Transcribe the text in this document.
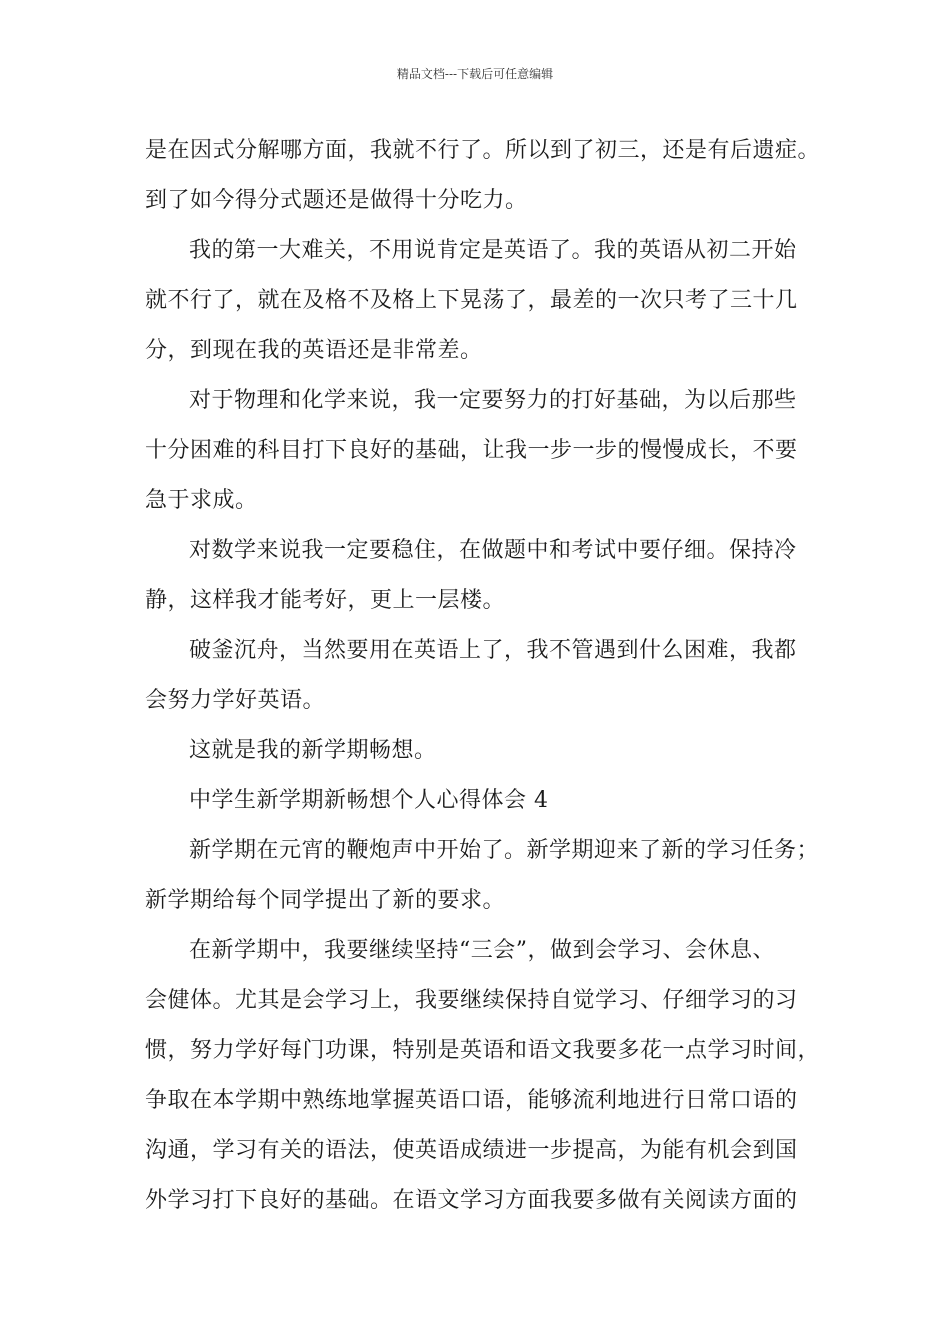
精品文档---下载后可任意编辑
是在因式分解哪方面，我就不行了。所以到了初三，还是有后遗症。
到了如今得分式题还是做得十分吃力。
我的第一大难关，不用说肯定是英语了。我的英语从初二开始
就不行了，就在及格不及格上下晃荡了，最差的一次只考了三十几
分，到现在我的英语还是非常差。
对于物理和化学来说，我一定要努力的打好基础，为以后那些
十分困难的科目打下良好的基础，让我一步一步的慢慢成长，不要
急于求成。
对数学来说我一定要稳住，在做题中和考试中要仔细。保持冷
静，这样我才能考好，更上一层楼。
破釜沉舟，当然要用在英语上了，我不管遇到什么困难，我都
会努力学好英语。
这就是我的新学期畅想。
中学生新学期新畅想个人心得体会 4
新学期在元宵的鞭炮声中开始了。新学期迎来了新的学习任务；
新学期给每个同学提出了新的要求。
在新学期中，我要继续坚持“三会”，做到会学习、会休息、
会健体。尤其是会学习上，我要继续保持自觉学习、仔细学习的习
惯，努力学好每门功课，特别是英语和语文我要多花一点学习时间，
争取在本学期中熟练地掌握英语口语，能够流利地进行日常口语的
沟通，学习有关的语法，使英语成绩进一步提高，为能有机会到国
外学习打下良好的基础。在语文学习方面我要多做有关阅读方面的
